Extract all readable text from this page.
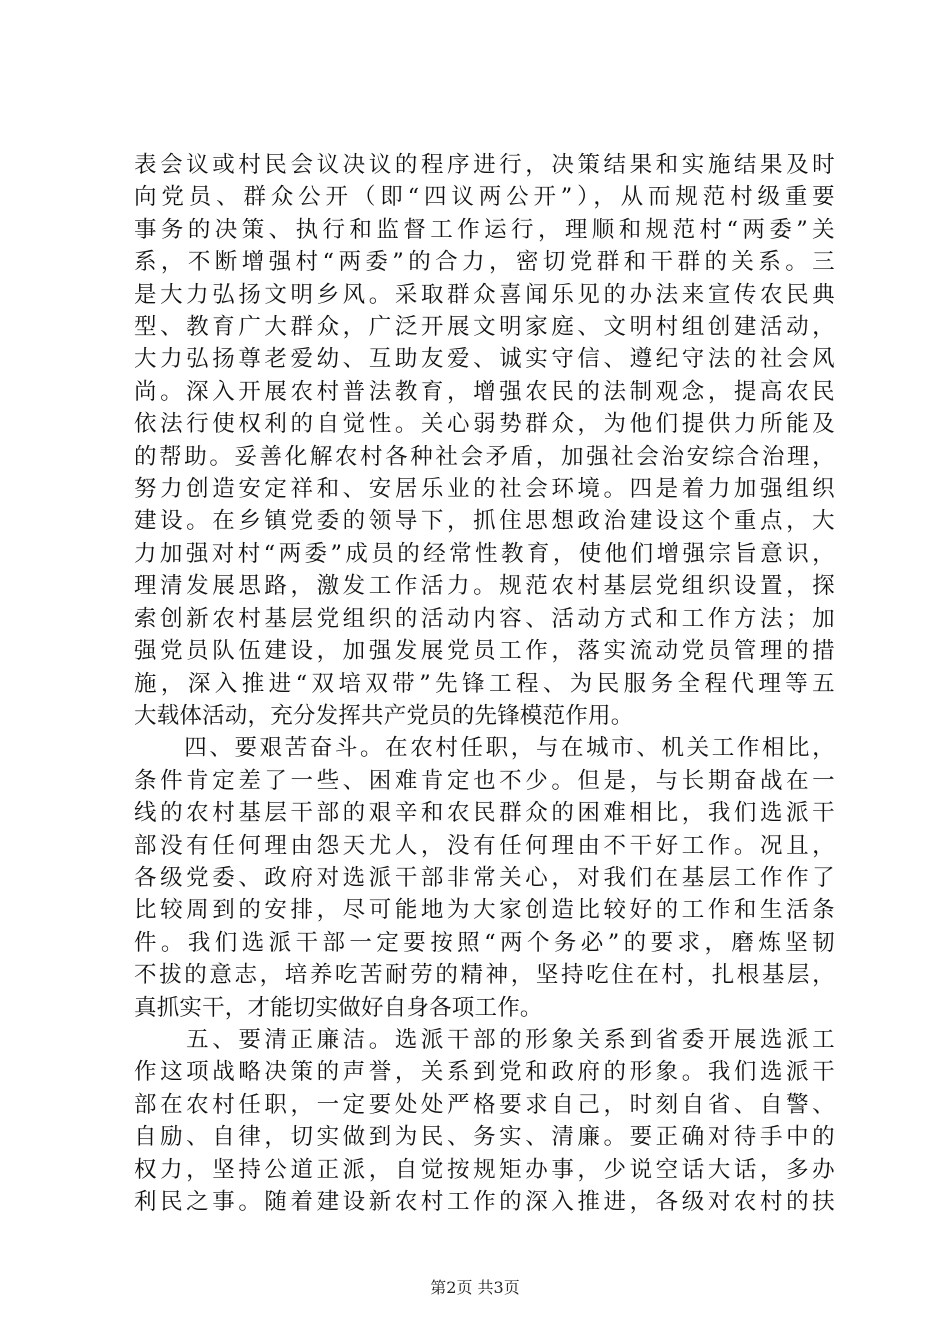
表会议或村民会议决议的程序进行，决策结果和实施结果及时
向党员、群众公开（即“四议两公开”），从而规范村级重要
事务的决策、执行和监督工作运行，理顺和规范村“两委”关
系，不断增强村“两委”的合力，密切党群和干群的关系。三
是大力弘扬文明乡风。采取群众喜闻乐见的办法来宣传农民典
型、教育广大群众，广泛开展文明家庭、文明村组创建活动，
大力弘扬尊老爱幼、互助友爱、诚实守信、遵纪守法的社会风
尚。深入开展农村普法教育，增强农民的法制观念，提高农民
依法行使权利的自觉性。关心弱势群众，为他们提供力所能及
的帮助。妥善化解农村各种社会矛盾，加强社会治安综合治理，
努力创造安定祥和、安居乐业的社会环境。四是着力加强组织
建设。在乡镇党委的领导下，抓住思想政治建设这个重点，大
力加强对村“两委”成员的经常性教育，使他们增强宗旨意识，
理清发展思路，激发工作活力。规范农村基层党组织设置，探
索创新农村基层党组织的活动内容、活动方式和工作方法；加
强党员队伍建设，加强发展党员工作，落实流动党员管理的措
施，深入推进“双培双带”先锋工程、为民服务全程代理等五
大载体活动，充分发挥共产党员的先锋模范作用。
　　四、要艰苦奋斗。在农村任职，与在城市、机关工作相比，
条件肯定差了一些、困难肯定也不少。但是，与长期奋战在一
线的农村基层干部的艰辛和农民群众的困难相比，我们选派干
部没有任何理由怨天尤人，没有任何理由不干好工作。况且，
各级党委、政府对选派干部非常关心，对我们在基层工作作了
比较周到的安排，尽可能地为大家创造比较好的工作和生活条
件。我们选派干部一定要按照“两个务必”的要求，磨炼坚韧
不拔的意志，培养吃苦耐劳的精神，坚持吃住在村，扎根基层，
真抓实干，才能切实做好自身各项工作。
　　五、要清正廉洁。选派干部的形象关系到省委开展选派工
作这项战略决策的声誉，关系到党和政府的形象。我们选派干
部在农村任职，一定要处处严格要求自己，时刻自省、自警、
自励、自律，切实做到为民、务实、清廉。要正确对待手中的
权力，坚持公道正派，自觉按规矩办事，少说空话大话，多办
利民之事。随着建设新农村工作的深入推进，各级对农村的扶
第2页 共3页
